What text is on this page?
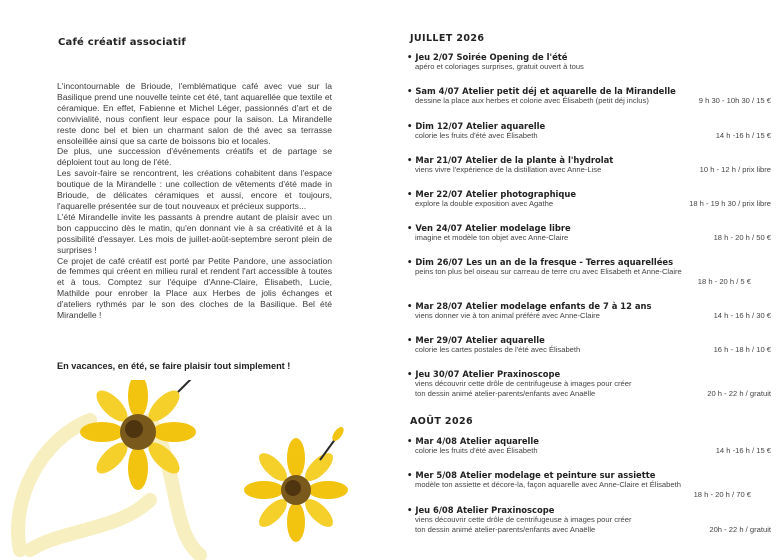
Café créatif associatif

L'incontournable de Brioude, l'emblématique café avec vue sur la Basilique prend une nouvelle teinte cet été, tant aquarellée que textile et céramique. En effet, Fabienne et Michel Léger, passionnés d'art et de convivialité, nous confient leur espace pour la saison. La Mirandelle reste donc bel et bien un charmant salon de thé avec sa terrasse ensoleillée ainsi que sa carte de boissons bio et locales.

De plus, une succession d'événements créatifs et de partage se déploient tout au long de l'été.

Les savoir-faire se rencontrent, les créations cohabitent dans l'espace boutique de la Mirandelle : une collection de vêtements d'été made in Brioude, de délicates céramiques et aussi, encore et toujours, l'aquarelle présentée sur de tout nouveaux et précieux supports...

L'été Mirandelle invite les passants à prendre autant de plaisir avec un bon cappuccino dès le matin, qu'en donnant vie à sa créativité et à la possibilité d'essayer. Les mois de juillet-août-septembre seront plein de surprises !

Ce projet de café créatif est porté par Petite Pandore, une association de femmes qui créent en milieu rural et rendent l'art accessible à toutes et à tous. Comptez sur l'équipe d'Anne-Claire, Élisabeth, Lucie, Mathilde pour enrober la Place aux Herbes de jolis échanges et d'ateliers rythmés par le son des cloches de la Basilique. Bel été Mirandelle !

En vacances, en été, se faire plaisir tout simplement !
JUILLET 2026
• Jeu 2/07 Soirée Opening de l'été
apéro et coloriages surprises, gratuit ouvert à tous
• Sam 4/07 Atelier petit déj et aquarelle de la Mirandelle
dessine la place aux herbes et colorie avec Élisabeth (petit déj inclus)	9 h 30 - 10h 30 / 15 €
• Dim 12/07 Atelier aquarelle
colorie les fruits d'été avec Élisabeth	14 h -16 h / 15 €
• Mar 21/07 Atelier de la plante à l'hydrolat
viens vivre l'expérience de la distillation avec Anne-Lise	10 h - 12 h / prix libre
• Mer 22/07 Atelier photographique
explore la double exposition avec Agathe	18 h - 19 h 30 / prix libre
• Ven 24/07 Atelier modelage libre
imagine et modèle ton objet avec Anne-Claire	18 h - 20 h / 50 €
• Dim 26/07 Les un an de la fresque - Terres aquarellées
peins ton plus bel oiseau sur carreau de terre cru avec Elisabeth et Anne-Claire
18 h - 20 h / 5 €
• Mar 28/07 Atelier modelage enfants de 7 à 12 ans
viens donner vie à ton animal préféré avec Anne-Claire	14 h - 16 h / 30 €
• Mer 29/07 Atelier aquarelle
colorie les cartes postales de l'été avec Élisabeth	16 h - 18 h / 10 €
• Jeu 30/07 Atelier Praxinoscope
viens découvrir cette drôle de centrifugeuse à images pour créer
ton dessin animé atelier-parents/enfants avec Anaëlle	20 h - 22 h / gratuit
AOÛT 2026
• Mar 4/08 Atelier aquarelle
colorie les fruits d'été avec Élisabeth	14 h -16 h / 15 €
• Mer 5/08 Atelier modelage et peinture sur assiette
modèle ton assiette et décore-la, façon aquarelle avec Anne-Claire et Élisabeth
18 h - 20 h / 70 €
• Jeu 6/08 Atelier Praxinoscope
viens découvrir cette drôle de centrifugeuse à images pour créer
ton dessin animé atelier-parents/enfants avec Anaëlle	20h - 22 h / gratuit
